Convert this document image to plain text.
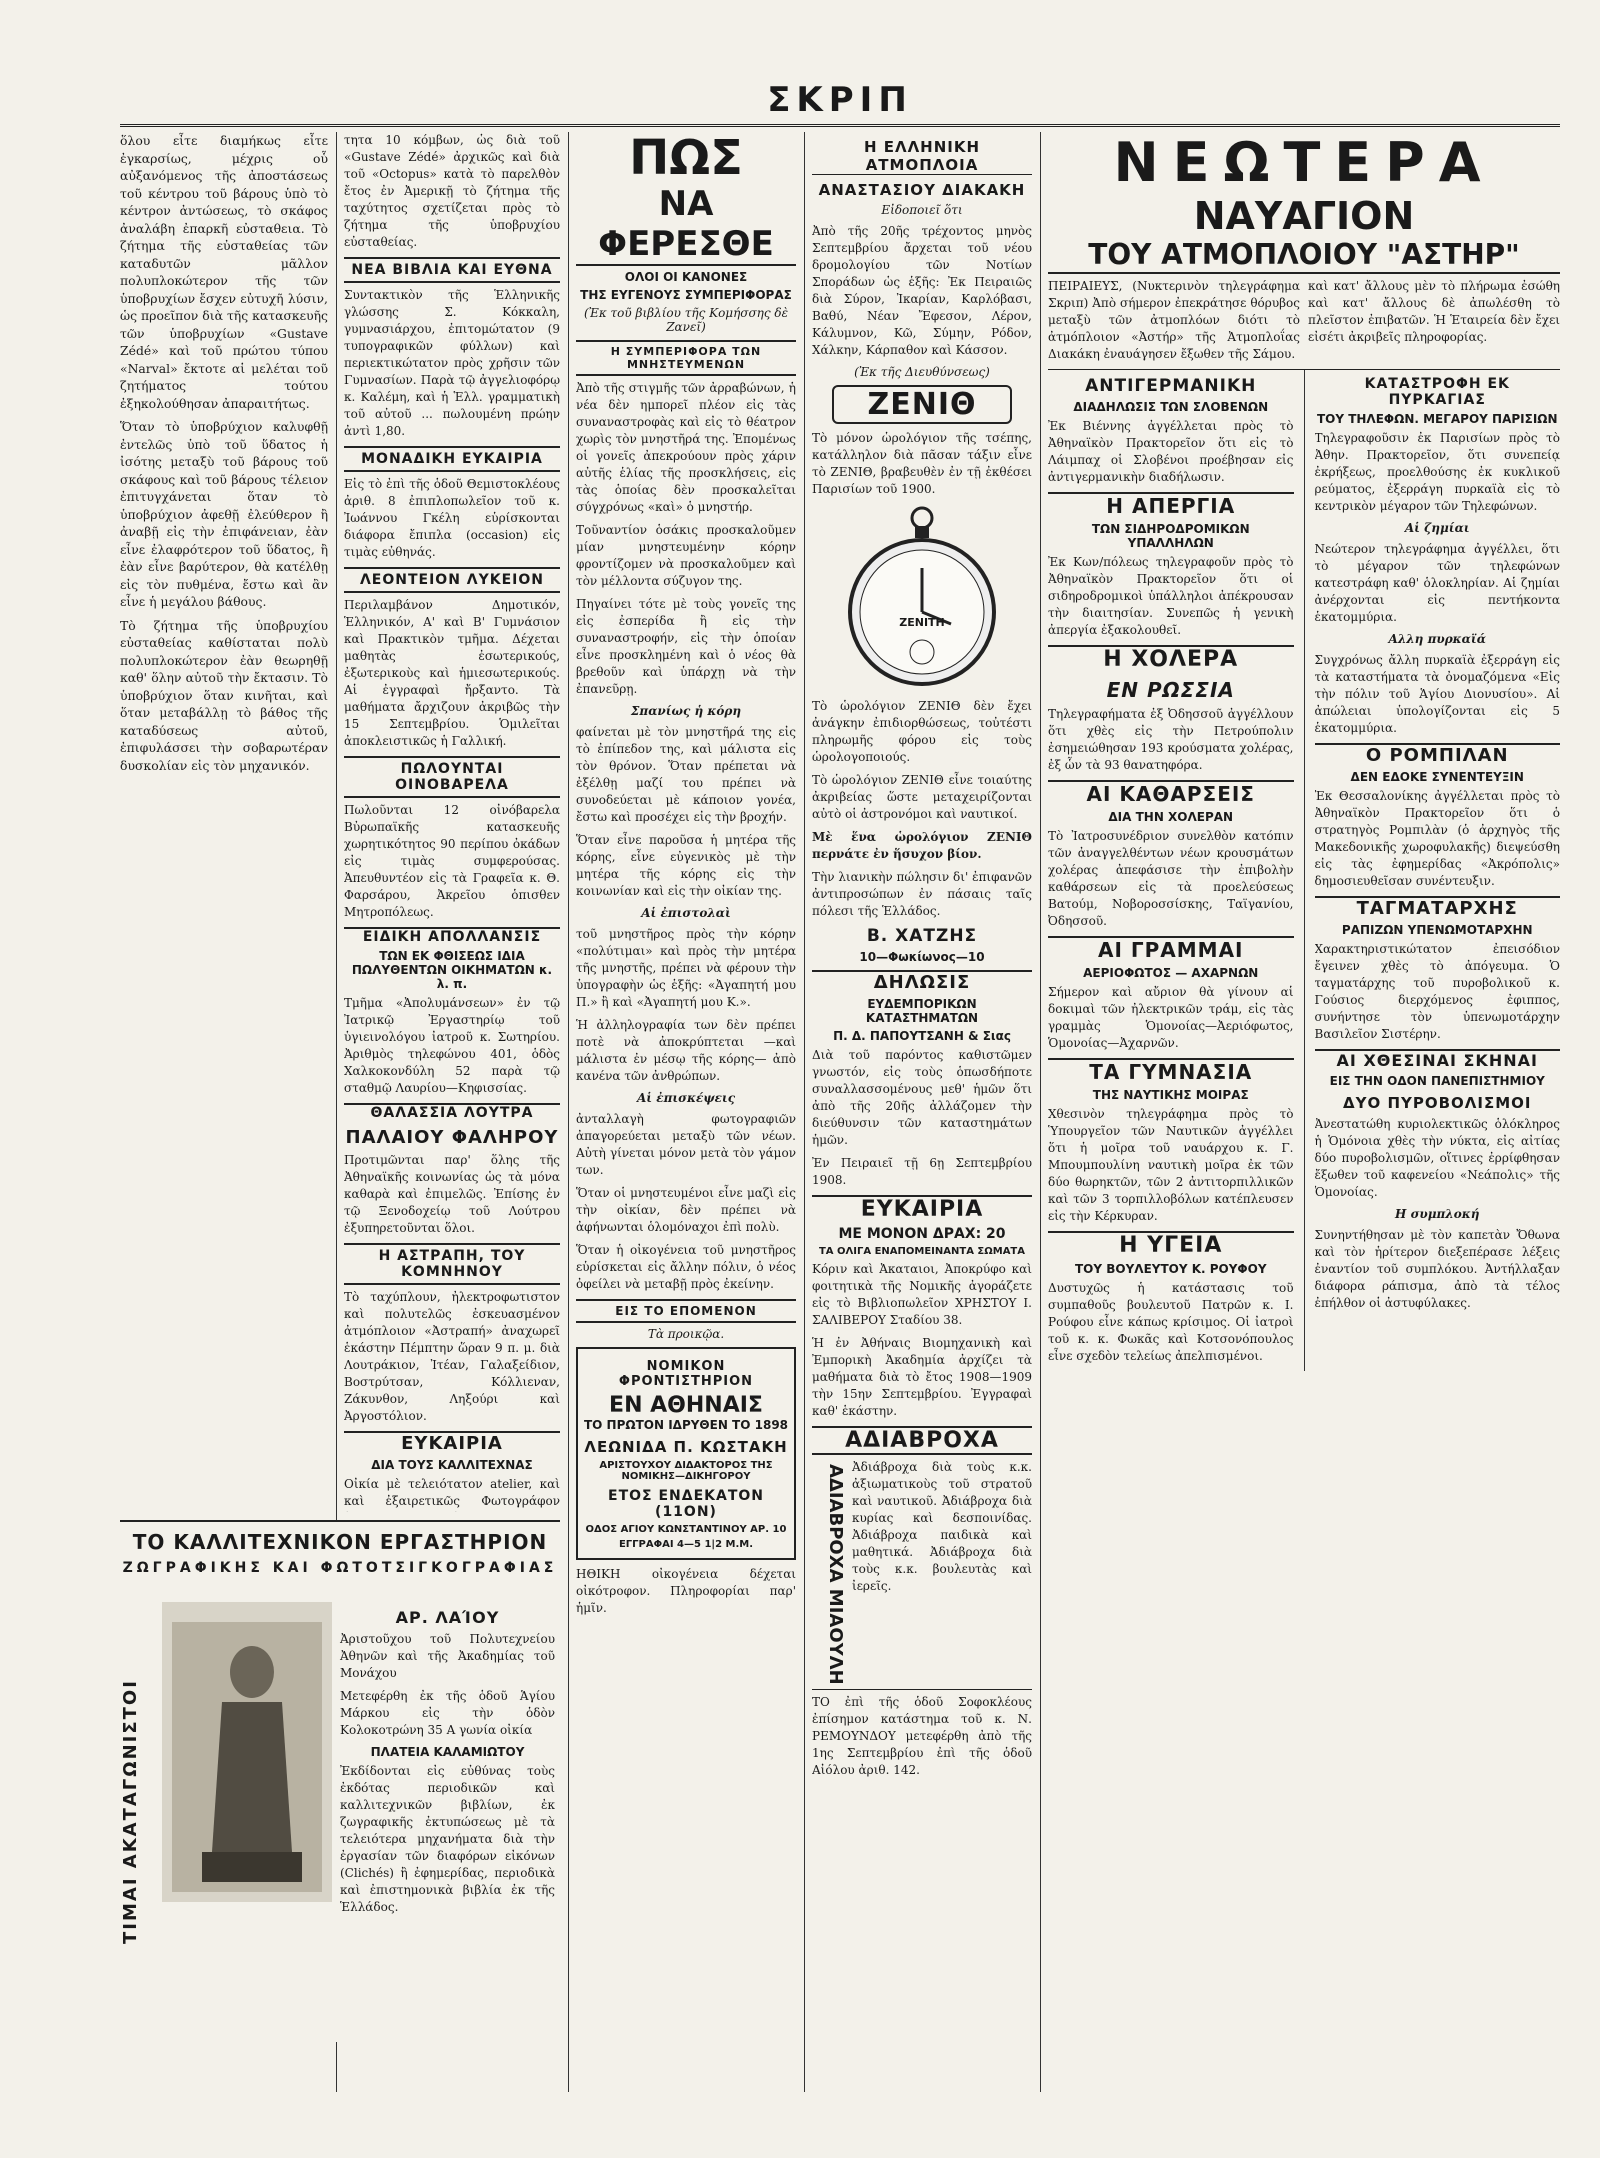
ΣΚΡΙΠ

ὅλου εἶτε διαμήκως εἶτε ἐγκαρσίως, μέχρις οὗ αὐξανόμενος τῆς ἀποστάσεως τοῦ κέντρου τοῦ βάρους ὑπὸ τὸ κέντρον ἀντώσεως, τὸ σκάφος ἀναλάβη ἐπαρκῆ εὐσταθεια. Τὸ ζήτημα τῆς εὐσταθείας τῶν καταδυτῶν μᾶλλον πολυπλοκώτερον τῆς τῶν ὑποβρυχίων ἔσχεν εὐτυχῆ λύσιν, ὡς προεῖπον διὰ τῆς κατασκευῆς τῶν ὑποβρυχίων «Gustave Zédé» καὶ τοῦ πρώτου τύπου «Narval» ἔκτοτε αἱ μελέται τοῦ ζητήματος τούτου ἐξηκολούθησαν ἀπαραιτήτως.

Ὅταν τὸ ὑποβρύχιον καλυφθῇ ἐντελῶς ὑπὸ τοῦ ὕδατος ἡ ἰσότης μεταξὺ τοῦ βάρους τοῦ σκάφους καὶ τοῦ βάρους τέλειον ἐπιτυγχάνεται ὅταν τὸ ὑποβρύχιον ἀφεθῇ ἐλεύθερον ἢ ἀναβῇ εἰς τὴν ἐπιφάνειαν, ἐὰν εἶνε ἐλαφρότερον τοῦ ὕδατος, ἢ ἐὰν εἶνε βαρύτερον, θὰ κατέλθῃ εἰς τὸν πυθμένα, ἔστω καὶ ἂν εἶνε ἡ μεγάλου βάθους.

Τὸ ζήτημα τῆς ὑποβρυχίου εὐσταθείας καθίσταται πολὺ πολυπλοκώτερον ἐὰν θεωρηθῇ καθ' ὅλην αὐτοῦ τὴν ἔκτασιν. Τὸ ὑποβρύχιον ὅταν κινῆται, καὶ ὅταν μεταβάλλῃ τὸ βάθος τῆς καταδύσεως αὐτοῦ, ἐπιφυλάσσει τὴν σοβαρωτέραν δυσκολίαν εἰς τὸν μηχανικόν.

τητα 10 κόμβων, ὡς διὰ τοῦ «Gustave Zédé» ἀρχικῶς καὶ διὰ τοῦ «Octopus» κατὰ τὸ παρελθὸν ἔτος ἐν Ἀμερικῇ τὸ ζήτημα τῆς ταχύτητος σχετίζεται πρὸς τὸ ζήτημα τῆς ὑποβρυχίου εὐσταθείας.

ΝΕΑ ΒΙΒΛΙΑ ΚΑΙ ΕΥΘΝΑ

Συντακτικὸν τῆς Ἑλληνικῆς γλώσσης Σ. Κόκκαλη, γυμνασιάρχου, ἐπιτομώτατον (9 τυπογραφικῶν φύλλων) καὶ περιεκτικώτατον πρὸς χρῆσιν τῶν Γυμνασίων. Παρὰ τῷ ἀγγελιοφόρῳ κ. Καλέμη, καὶ ἡ Ἑλλ. γραμματικὴ τοῦ αὐτοῦ ... πωλουμένη πρώην ἀντὶ 1,80.

ΜΟΝΑΔΙΚΗ ΕΥΚΑΙΡΙΑ

Εἰς τὸ ἐπὶ τῆς ὁδοῦ Θεμιστοκλέους ἀριθ. 8 ἐπιπλοπωλεῖον τοῦ κ. Ἰωάννου Γκέλη εὑρίσκονται διάφορα ἔπιπλα (occasion) εἰς τιμὰς εὐθηνάς.

ΛΕΟΝΤΕΙΟΝ ΛΥΚΕΙΟΝ

Περιλαμβάνον Δημοτικόν, Ἑλληνικόν, Α' καὶ Β' Γυμνάσιον καὶ Πρακτικὸν τμῆμα. Δέχεται μαθητὰς ἐσωτερικούς, ἐξωτερικοὺς καὶ ἡμιεσωτερικούς. Αἱ ἐγγραφαὶ ἤρξαντο. Τὰ μαθήματα ἄρχιζουν ἀκριβῶς τὴν 15 Σεπτεμβρίου. Ὁμιλεῖται ἀποκλειστικῶς ἡ Γαλλική.

ΠΩΛΟΥΝΤΑΙ ΟΙΝΟΒΑΡΕΛΑ

Πωλοῦνται 12 οἰνόβαρελα Βὐρωπαϊκῆς κατασκευῆς χωρητικότητος 90 περίπου ὀκάδων εἰς τιμὰς συμφερούσας. Ἀπευθυντέον εἰς τὰ Γραφεῖα κ. Θ. Φαρσάρου, Ἀκρεῖου ὁπισθεν Μητροπόλεως.

ΕΙΔΙΚΗ ΑΠΟΛΛΑΝΣΙΣ
ΤΩΝ ΕΚ ΦΘΙΣΕΩΣ ΙΔΙΑ ΠΩΛΥΘΕΝΤΩΝ ΟΙΚΗΜΑΤΩΝ κ. λ. π.

Τμῆμα «Ἀπολυμάνσεων» ἐν τῷ Ἰατρικῷ Ἐργαστηρίῳ τοῦ ὑγιεινολόγου ἰατροῦ κ. Σωτηρίου. Ἀριθμὸς τηλεφώνου 401, ὁδὸς Χαλκοκονδύλη 52 παρὰ τῷ σταθμῷ Λαυρίου—Κηφισσίας.

ΘΑΛΑΣΣΙΑ ΛΟΥΤΡΑ
ΠΑΛΑΙΟΥ ΦΑΛΗΡΟΥ

Προτιμῶνται παρ' ὅλης τῆς Ἀθηναϊκῆς κοινωνίας ὡς τὰ μόνα καθαρὰ καὶ ἐπιμελῶς. Ἐπίσης ἐν τῷ Ξενοδοχείῳ τοῦ Λούτρου ἐξυπηρετοῦνται ὅλοι.

Η ΑΣΤΡΑΠΗ, ΤΟΥ ΚΟΜΝΗΝΟΥ

Τὸ ταχύπλουν, ἠλεκτροφωτιστον καὶ πολυτελῶς ἐσκευασμένον ἀτμόπλοιον «Ἀστραπή» ἀναχωρεῖ ἑκάστην Πέμπτην ὥραν 9 π. μ. διὰ Λουτράκιον, Ἰτέαν, Γαλαξείδιον, Βοστρύτσαν, Κόλλιεναν, Ζάκυνθον, Ληξούρι καὶ Ἀργοστόλιον.

ΕΥΚΑΙΡΙΑ
ΔΙΑ ΤΟΥΣ ΚΑΛΛΙΤΕΧΝΑΣ

Οἰκία μὲ τελειότατον atelier, καὶ καὶ ἐξαιρετικῶς Φωτογράφον

ΤΟ ΚΑΛΛΙΤΕΧΝΙΚΟΝ ΕΡΓΑΣΤΗΡΙΟΝ
ΖΩΓΡΑΦΙΚΗΣ ΚΑΙ ΦΩΤΟΤΣΙΓΚΟΓΡΑΦΙΑΣ
ΤΙΜΑΙ ΑΚΑΤΑΓΩΝΙΣΤΟΙ
ΑΡ. ΛΑΊΟΥ

Ἀριστοῦχου τοῦ Πολυτεχνείου Ἀθηνῶν καὶ τῆς Ἀκαδημίας τοῦ Μονάχου

Μετεφέρθη ἐκ τῆς ὁδοῦ Ἁγίου Μάρκου εἰς τὴν ὁδὸν Κολοκοτρώνη 35 Α γωνία οἰκία

ΠΛΑΤΕΙΑ ΚΑΛΑΜΙΩΤΟΥ

Ἐκδίδονται εἰς εὐθύνας τοὺς ἐκδότας περιοδικῶν καὶ καλλιτεχνικῶν βιβλίων, ἐκ ζωγραφικῆς ἐκτυπώσεως μὲ τὰ τελειότερα μηχανήματα διὰ τὴν ἐργασίαν τῶν διαφόρων εἰκόνων (Clichés) ἢ ἐφημερίδας, περιοδικὰ καὶ ἐπιστημονικὰ βιβλία ἐκ τῆς Ἑλλάδος.

ΠΩΣ
ΝΑ ΦΕΡΕΣΘΕ
ΟΛΟΙ ΟΙ ΚΑΝΟΝΕΣ
ΤΗΣ ΕΥΓΕΝΟΥΣ ΣΥΜΠΕΡΙΦΟΡΑΣ
(Ἐκ τοῦ βιβλίου τῆς Κομήσσης δὲ Ζανεῖ)
Η ΣΥΜΠΕΡΙΦΟΡΑ ΤΩΝ ΜΝΗΣΤΕΥΜΕΝΩΝ

Ἀπὸ τῆς στιγμῆς τῶν ἀρραβώνων, ἡ νέα δὲν ημπορεῖ πλέον εἰς τὰς συναναστροφὰς καὶ εἰς τὸ θέατρον χωρὶς τὸν μνηστῆρά της. Ἐπομένως οἱ γονεῖς ἀπεκρούουν πρὸς χάριν αὐτῆς ἑλίας τῆς προσκλήσεις, εἰς τὰς ὁποίας δὲν προσκαλεῖται σύγχρόνως «καὶ» ὁ μνηστήρ.

Τοῦναντίον ὁσάκις προσκαλοῦμεν μίαν μνηστευμένην κόρην φροντίζομεν νὰ προσκαλοῦμεν καὶ τὸν μέλλοντα σύζυγον της.

Πηγαίνει τότε μὲ τοὺς γονεῖς της εἰς ἐσπερίδα ἢ εἰς τὴν συναναστροφήν, εἰς τὴν ὁποίαν εἶνε προσκλημένη καὶ ὁ νέος θὰ βρεθοῦν καὶ ὑπάρχῃ νὰ τὴν ἐπανεῦρῃ.

Σπανίως ἡ κόρη

φαίνεται μὲ τὸν μνηστῆρά της εἰς τὸ ἐπίπεδον της, καὶ μάλιστα εἰς τὸν θρόνον. Ὅταν πρέπεται νὰ ἐξέλθῃ μαζί του πρέπει νὰ συνοδεύεται μὲ κάποιον γονέα, ἔστω καὶ προσέχει εἰς τὴν βροχήν.

Ὅταν εἶνε παροῦσα ἡ μητέρα τῆς κόρης, εἶνε εὐγενικὸς μὲ τὴν μητέρα τῆς κόρης εἰς τὴν κοινωνίαν καὶ εἰς τὴν οἰκίαν της.

Αἱ ἐπιστολαὶ

τοῦ μνηστῆρος πρὸς τὴν κόρην «πολύτιμαι» καὶ πρὸς τὴν μητέρα τῆς μνηστῆς, πρέπει νὰ φέρουν τὴν ὑπογραφὴν ὡς ἑξῆς: «Ἀγαπητή μου Π.» ἢ καὶ «Ἀγαπητή μου Κ.».

Ἡ ἀλληλογραφία των δὲν πρέπει ποτὲ νὰ ἀποκρύπτεται —καὶ μάλιστα ἐν μέσῳ τῆς κόρης— ἀπὸ κανένα τῶν ἀνθρώπων.

Αἱ ἐπισκέψεις

ἀνταλλαγὴ φωτογραφιῶν ἀπαγορεύεται μεταξὺ τῶν νέων. Αὐτὴ γίνεται μόνον μετὰ τὸν γάμον των.

Ὅταν οἱ μνηστευμένοι εἶνε μαζὶ εἰς τὴν οἰκίαν, δὲν πρέπει νὰ ἀφήνωνται ὁλομόναχοι ἐπὶ πολὺ.

Ὅταν ἡ οἰκογένεια τοῦ μνηστῆρος εὑρίσκεται εἰς ἄλλην πόλιν, ὁ νέος ὀφείλει νὰ μεταβῇ πρὸς ἐκείνην.

ΕΙΣ ΤΟ ΕΠΟΜΕΝΟΝ
Τὰ προικῷα.
ΝΟΜΙΚΟΝ ΦΡΟΝΤΙΣΤΗΡΙΟΝ
ΕΝ ΑΘΗΝΑΙΣ
ΤΟ ΠΡΩΤΟΝ ΙΔΡΥΘΕΝ ΤΟ 1898
ΛΕΩΝΙΔΑ Π. ΚΩΣΤΑΚΗ
ΑΡΙΣΤΟΥΧΟΥ ΔΙΔΑΚΤΟΡΟΣ ΤΗΣ ΝΟΜΙΚΗΣ—ΔΙΚΗΓΟΡΟΥ
ΕΤΟΣ ΕΝΔΕΚΑΤΟΝ (11ΟΝ)
ΟΔΟΣ ΑΓΙΟΥ ΚΩΝΣΤΑΝΤΙΝΟΥ ΑΡ. 10
ΕΓΓΡΑΦΑΙ 4—5 1|2 Μ.Μ.

ΗΘΙΚΗ οἰκογένεια δέχεται οἰκότροφον. Πληροφορίαι παρ' ἡμῖν.

Η ΕΛΛΗΝΙΚΗ ΑΤΜΟΠΛΟΙΑ
ΑΝΑΣΤΑΣΙΟΥ ΔΙΑΚΑΚΗ
Εἰδοποιεῖ ὅτι

Ἀπὸ τῆς 20ῆς τρέχοντος μηνὸς Σεπτεμβρίου ἄρχεται τοῦ νέου δρομολογίου τῶν Νοτίων Σποράδων ὡς ἑξῆς: Ἐκ Πειραιῶς διὰ Σύρον, Ἰκαρίαν, Καρλόβασι, Βαθύ, Νέαν Ἔφεσον, Λέρον, Κάλυμνον, Κῶ, Σύμην, Ρόδον, Χάλκην, Κάρπαθον καὶ Κάσσον.

(Ἐκ τῆς Διευθύνσεως)
ΖΕΝΙΘ

Τὸ μόνον ὡρολόγιον τῆς τσέπης, κατάλληλον διὰ πᾶσαν τάξιν εἶνε τὸ ΖΕΝΙΘ, βραβευθὲν ἐν τῇ ἐκθέσει Παρισίων τοῦ 1900.

ZENITH

Τὸ ὡρολόγιον ΖΕΝΙΘ δὲν ἔχει ἀνάγκην ἐπιδιορθώσεως, τοὐτέστι πληρωμῆς φόρου εἰς τοὺς ὡρολογοποιούς.

Τὸ ὡρολόγιον ΖΕΝΙΘ εἶνε τοιαύτης ἀκριβείας ὥστε μεταχειρίζονται αὐτὸ οἱ ἀστρονόμοι καὶ ναυτικοί.

Μὲ ἕνα ὡρολόγιον ΖΕΝΙΘ περνάτε ἐν ἥσυχον βίον.

Τὴν λιανικὴν πώλησιν δι' ἐπιφανῶν ἀντιπροσώπων ἐν πάσαις ταῖς πόλεσι τῆς Ἑλλάδος.

Β. ΧΑΤΖΗΣ
10—Φωκίωνος—10
ΔΗΛΩΣΙΣ
ΕΥΔΕΜΠΟΡΙΚΩΝ ΚΑΤΑΣΤΗΜΑΤΩΝ
Π. Δ. ΠΑΠΟΥΤΣΑΝΗ & Σιας

Διὰ τοῦ παρόντος καθιστῶμεν γνωστόν, εἰς τοὺς ὁπωσδήποτε συναλλασσομένους μεθ' ἡμῶν ὅτι ἀπὸ τῆς 20ῆς ἀλλάζομεν τὴν διεύθυνσιν τῶν καταστημάτων ἡμῶν.

Ἐν Πειραιεῖ τῇ 6ῃ Σεπτεμβρίου 1908.

ΕΥΚΑΙΡΙΑ
ΜΕ ΜΟΝΟΝ ΔΡΑΧ: 20
ΤΑ ΟΛΙΓΑ ΕΝΑΠΟΜΕΙΝΑΝΤΑ ΣΩΜΑΤΑ

Κόριν καὶ Ἀκαταιοι, Ἀποκρύφο καὶ φοιτητικὰ τῆς Νομικῆς ἀγοράζετε εἰς τὸ Βιβλιοπωλεῖον ΧΡΗΣΤΟΥ Ι. ΣΑΛΙΒΕΡΟΥ Σταδίου 38.

Ἡ ἐν Ἀθήναις Βιομηχανικὴ καὶ Ἐμπορικὴ Ἀκαδημία ἀρχίζει τὰ μαθήματα διὰ τὸ ἔτος 1908—1909 τὴν 15ην Σεπτεμβρίου. Ἐγγραφαὶ καθ' ἑκάστην.

ΑΔΙΑΒΡΟΧΑ
ΑΔΙΑΒΡΟΧΑ ΜΙΑΟΥΛΗ Ἀδιάβροχα διὰ τοὺς κ.κ. ἀξιωματικοὺς τοῦ στρατοῦ καὶ ναυτικοῦ. Ἀδιάβροχα διὰ κυρίας καὶ δεσποινίδας. Ἀδιάβροχα παιδικὰ καὶ μαθητικά. Ἀδιάβροχα διὰ τοὺς κ.κ. βουλευτὰς καὶ ἰερεῖς.

ΤΟ ἐπὶ τῆς ὁδοῦ Σοφοκλέους ἐπίσημον κατάστημα τοῦ κ. Ν. ΡΕΜΟΥΝΔΟΥ μετεφέρθη ἀπὸ τῆς 1ης Σεπτεμβρίου ἐπὶ τῆς ὁδοῦ Αἰόλου ἀριθ. 142.

ΝΕΩΤΕΡΑ
ΝΑΥΑΓΙΟΝ
ΤΟΥ ΑΤΜΟΠΛΟΙΟΥ "ΑΣΤΗΡ"

ΠΕΙΡΑΙΕΥΣ, (Νυκτερινὸν τηλεγράφημα Σκριπ) Ἀπὸ σήμερον ἐπεκράτησε θόρυβος μεταξὺ τῶν ἀτμοπλόων διότι τὸ ἀτμόπλοιον «Ἀστήρ» τῆς Ἀτμοπλοΐας Διακάκη ἐναυάγησεν ἔξωθεν τῆς Σάμου.

καὶ κατ' ἄλλους μὲν τὸ πλήρωμα ἐσώθη καὶ κατ' ἄλλους δὲ ἀπωλέσθη τὸ πλεῖστον ἐπιβατῶν. Ἡ Ἑταιρεία δὲν ἔχει εἰσέτι ἀκριβεῖς πληροφορίας.

ΑΝΤΙΓΕΡΜΑΝΙΚΗ
ΔΙΑΔΗΛΩΣΙΣ ΤΩΝ ΣΛΟΒΕΝΩΝ

Ἐκ Βιέννης ἀγγέλλεται πρὸς τὸ Ἀθηναϊκὸν Πρακτορεῖον ὅτι εἰς τὸ Λάιμπαχ οἱ Σλοβένοι προέβησαν εἰς ἀντιγερμανικὴν διαδήλωσιν.

Η ΑΠΕΡΓΙΑ
ΤΩΝ ΣΙΔΗΡΟΔΡΟΜΙΚΩΝ ΥΠΑΛΛΗΛΩΝ

Ἐκ Κων/πόλεως τηλεγραφοῦν πρὸς τὸ Ἀθηναϊκὸν Πρακτορεῖον ὅτι οἱ σιδηροδρομικοὶ ὑπάλληλοι ἀπέκρουσαν τὴν διαιτησίαν. Συνεπῶς ἡ γενικὴ ἀπεργία ἐξακολουθεῖ.

Η ΧΟΛΕΡΑ
ΕΝ ΡΩΣΣΙΑ

Τηλεγραφήματα ἐξ Ὀδησσοῦ ἀγγέλλουν ὅτι χθὲς εἰς τὴν Πετρούπολιν ἐσημειώθησαν 193 κρούσματα χολέρας, ἐξ ὧν τὰ 93 θανατηφόρα.

ΑΙ ΚΑΘΑΡΣΕΙΣ
ΔΙΑ ΤΗΝ ΧΟΛΕΡΑΝ

Τὸ Ἰατροσυνέδριον συνελθὸν κατόπιν τῶν ἀναγγελθέντων νέων κρουσμάτων χολέρας ἀπεφάσισε τὴν ἐπιβολὴν καθάρσεων εἰς τὰ προελεύσεως Βατούμ, Νοβοροσσίσκης, Ταϊγανίου, Ὀδησσοῦ.

ΑΙ ΓΡΑΜΜΑΙ
ΑΕΡΙΟΦΩΤΟΣ — ΑΧΑΡΝΩΝ

Σήμερον καὶ αὔριον θὰ γίνουν αἱ δοκιμαὶ τῶν ἠλεκτρικῶν τράμ, εἰς τὰς γραμμὰς Ὁμονοίας—Ἀεριόφωτος, Ὁμονοίας—Ἀχαρνῶν.

ΤΑ ΓΥΜΝΑΣΙΑ
ΤΗΣ ΝΑΥΤΙΚΗΣ ΜΟΙΡΑΣ

Χθεσινὸν τηλεγράφημα πρὸς τὸ Ὑπουργεῖον τῶν Ναυτικῶν ἀγγέλλει ὅτι ἡ μοῖρα τοῦ ναυάρχου κ. Γ. Μπουμπουλίνη ναυτικὴ μοῖρα ἐκ τῶν δύο θωρηκτῶν, τῶν 2 ἀντιτορπιλλικῶν καὶ τῶν 3 τορπιλλοβόλων κατέπλευσεν εἰς τὴν Κέρκυραν.

Η ΥΓΕΙΑ
ΤΟΥ ΒΟΥΛΕΥΤΟΥ Κ. ΡΟΥΦΟΥ

Δυστυχῶς ἡ κατάστασις τοῦ συμπαθοῦς βουλευτοῦ Πατρῶν κ. Ι. Ρούφου εἶνε κάπως κρίσιμος. Οἱ ἰατροὶ τοῦ κ. κ. Φωκᾶς καὶ Κοτσονόπουλος εἶνε σχεδὸν τελείως ἀπελπισμένοι.

ΚΑΤΑΣΤΡΟΦΗ ΕΚ ΠΥΡΚΑΓΙΑΣ
ΤΟΥ ΤΗΛΕΦΩΝ. ΜΕΓΑΡΟΥ ΠΑΡΙΣΙΩΝ

Τηλεγραφοῦσιν ἐκ Παρισίων πρὸς τὸ Ἀθην. Πρακτορεῖον, ὅτι συνεπείᾳ ἐκρήξεως, προελθούσης ἐκ κυκλικοῦ ρεύματος, ἐξερράγη πυρκαϊὰ εἰς τὸ κεντρικὸν μέγαρον τῶν Τηλεφώνων.

Αἱ ζημίαι

Νεώτερον τηλεγράφημα ἀγγέλλει, ὅτι τὸ μέγαρον τῶν τηλεφώνων κατεστράφη καθ' ὁλοκληρίαν. Αἱ ζημίαι ἀνέρχονται εἰς πεντήκοντα ἑκατομμύρια.

Αλλη πυρκαϊά

Συγχρόνως ἄλλη πυρκαϊὰ ἐξερράγη εἰς τὰ καταστήματα τὰ ὀνομαζόμενα «Εἰς τὴν πόλιν τοῦ Ἁγίου Διονυσίου». Αἱ ἀπώλειαι ὑπολογίζονται εἰς 5 ἑκατομμύρια.

Ο ΡΟΜΠΙΛΑΝ
ΔΕΝ ΕΔΟΚΕ ΣΥΝΕΝΤΕΥΞΙΝ

Ἐκ Θεσσαλονίκης ἀγγέλλεται πρὸς τὸ Ἀθηναϊκὸν Πρακτορεῖον ὅτι ὁ στρατηγὸς Ρομπιλὰν (ὁ ἀρχηγὸς τῆς Μακεδονικῆς χωροφυλακῆς) διεψεύσθη εἰς τὰς ἐφημερίδας «Ἀκρόπολις» δημοσιευθεῖσαν συνέντευξιν.

ΤΑΓΜΑΤΑΡΧΗΣ
ΡΑΠΙΖΩΝ ΥΠΕΝΩΜΟΤΑΡΧΗΝ

Χαρακτηριστικώτατον ἐπεισόδιον ἔγεινεν χθὲς τὸ ἀπόγευμα. Ὁ ταγματάρχης τοῦ πυροβολικοῦ κ. Γούσιος διερχόμενος ἐφιππος, συνήντησε τὸν ὑπενωμοτάρχην Βασιλεῖον Σιστέρην.

ΑΙ ΧΘΕΣΙΝΑΙ ΣΚΗΝΑΙ
ΕΙΣ ΤΗΝ ΟΔΟΝ ΠΑΝΕΠΙΣΤΗΜΙΟΥ
ΔΥΟ ΠΥΡΟΒΟΛΙΣΜΟΙ

Ἀνεστατώθη κυριολεκτικῶς ὁλόκληρος ἡ Ὁμόνοια χθὲς τὴν νύκτα, εἰς αἰτίας δύο πυροβολισμῶν, οἵτινες ἐρρίφθησαν ἔξωθεν τοῦ καφενείου «Νεάπολις» τῆς Ὁμονοίας.

Η συμπλοκή

Συνηντήθησαν μὲ τὸν καπετὰν Ὄθωνα καὶ τὸν ἡρίτερον διεξεπέρασε λέξεις ἐναντίον τοῦ συμπλόκου. Ἀντήλλαξαν διάφορα ράπισμα, ἀπὸ τὰ τέλος ἐπήλθον οἱ ἀστυφύλακες.
